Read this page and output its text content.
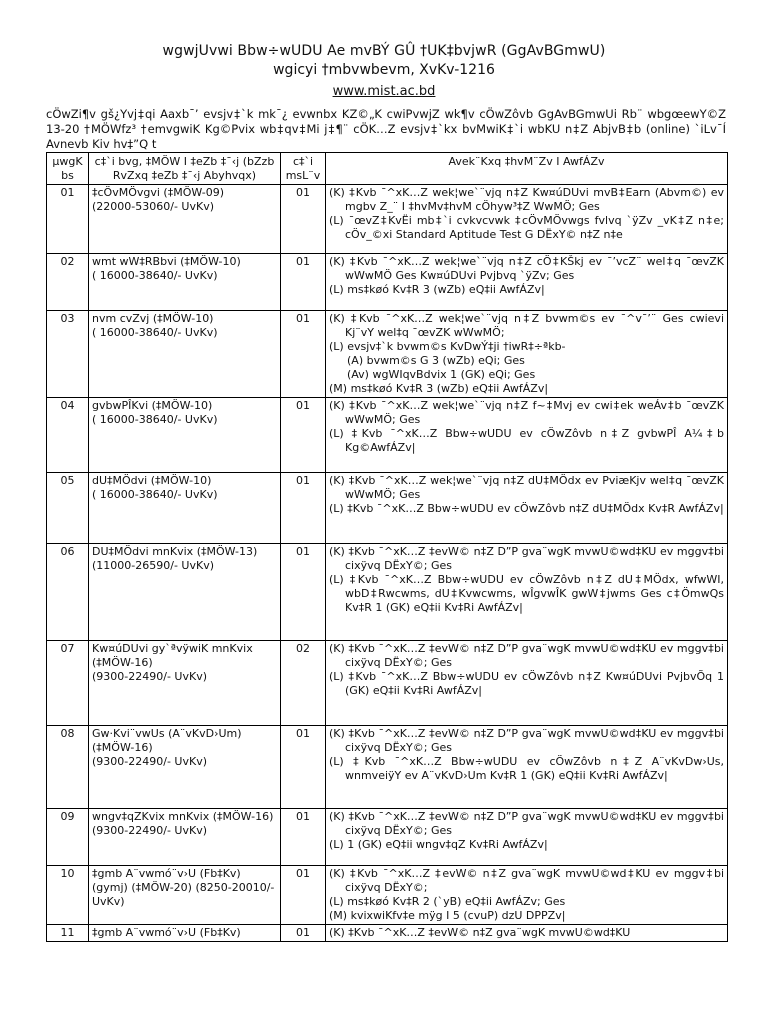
wgwjUvwi Bbw÷wUDU Ae mvBÝ GÛ †UK‡bvjwR (GgAvBGmwU)
wgicyi †mbvwbevm, XvKv-1216
www.mist.ac.bd
cÖwZi¶v gš¿Yvj‡qi Aaxb¯’ evsjv‡`k mk¯¿ evwnbx KZ©„K cwiPvwjZ wk¶v cÖwZôvb GgAvBGmwUi Rb¨ wbgœewY©Z 13-20 †MÖWfz³ †emvgwiK Kg©Pvix wb‡qv‡Mi j‡¶¨ cÖK…Z evsjv‡`kx bvMwiK‡`i wbKU n‡Z AbjvB‡b (online) `iLv¯Í Avnevb Kiv hv‡”Q t
µwgK bs	c‡`i bvg, ‡MÖW I ‡eZb ‡¯‹j (bZzb RvZxq ‡eZb ‡¯‹j Abyhvqx)	c‡`i msL¨v	Avek¨Kxq ‡hvM¨Zv I AwfÁZv
01	‡cÖvMÖvgvi (‡MÖW-09)
(22000-53060/- UvKv)	01	(K) ‡Kvb ¯^xK…Z wek¦we`¨vjq n‡Z Kw¤úDUvi mvB‡Earn (Abvm©) ev mgbv Z_¨ I ‡hvMv‡hvM cÖhyw³‡Z WwMÖ; Ges
(L) ¯œvZ‡KvËi mb‡`i cvkvcvwk ‡cÖvMÖvwgs fvlvq `ÿZv _vK‡Z n‡e; cÖv_©xi Standard Aptitude Test G DËxY© n‡Z n‡e

02	wmt wW‡RBbvi (‡MÖW-10)
( 16000-38640/- UvKv)	01	(K) ‡Kvb ¯^xK…Z wek¦we`¨vjq n‡Z cÖ‡KŠkj ev ¯’vcZ¨ wel‡q ¯œvZK wWwMÖ Ges Kw¤úDUvi Pvjbvq `ÿZv; Ges
(L) ms‡køó Kv‡R 3 (wZb) eQ‡ii AwfÁZv|

03	nvm cvZvj (‡MÖW-10)
( 16000-38640/- UvKv)	01	(K) ‡Kvb ¯^xK…Z wek¦we`¨vjq n‡Z bvwm©s ev ¯^v¯’¨ Ges cwievi Kj¨vY wel‡q ¯œvZK wWwMÖ;
(L) evsjv‡`k bvwm©s KvDwÝ‡ji †iwR‡÷ªkb-
(A) bvwm©s G 3 (wZb) eQi; Ges
(Av) wgWIqvBdvix 1 (GK) eQi; Ges
(M) ms‡køó Kv‡R 3 (wZb) eQ‡ii AwfÁZv|

04	gvbwPÎKvi (‡MÖW-10)
( 16000-38640/- UvKv)	01	(K) ‡Kvb ¯^xK…Z wek¦we`¨vjq n‡Z f~‡Mvj ev cwi‡ek weÁv‡b ¯œvZK wWwMÖ; Ges
(L) ‡Kvb ¯^xK…Z Bbw÷wUDU ev cÖwZôvb n‡Z gvbwPÎ A¼‡b Kg©AwfÁZv|

05	dU‡MÖdvi (‡MÖW-10)
( 16000-38640/- UvKv)	01	(K) ‡Kvb ¯^xK…Z wek¦we`¨vjq n‡Z dU‡MÖdx ev PviæKjv wel‡q ¯œvZK wWwMÖ; Ges
(L) ‡Kvb ¯^xK…Z Bbw÷wUDU ev cÖwZôvb n‡Z dU‡MÖdx Kv‡R AwfÁZv|

06	DU‡MÖdvi mnKvix (‡MÖW-13)
(11000-26590/- UvKv)	01	(K) ‡Kvb ¯^xK…Z ‡evW© n‡Z D”P gva¨wgK mvwU©wd‡KU ev mggv‡bi cixÿvq DËxY©; Ges
(L) ‡Kvb ¯^xK…Z Bbw÷wUDU ev cÖwZôvb n‡Z dU‡MÖdx, wfwWI, wbD‡Rwcwms, dU‡Kvwcwms, wÎgvwÎK gwW‡jwms Ges c‡ÖmwQs Kv‡R 1 (GK) eQ‡ii Kv‡Ri AwfÁZv|

07	Kw¤úDUvi gy`ªvÿwiK mnKvix (‡MÖW-16)
(9300-22490/- UvKv)	02	(K) ‡Kvb ¯^xK…Z ‡evW© n‡Z D”P gva¨wgK mvwU©wd‡KU ev mggv‡bi cixÿvq DËxY©; Ges
(L) ‡Kvb ¯^xK…Z Bbw÷wUDU ev cÖwZôvb n‡Z Kw¤úDUvi PvjbvÕq 1 (GK) eQ‡ii Kv‡Ri AwfÁZv|

08	Gw·Kvi¨vwUs (A¨vKvD›Um) (‡MÖW-16)
(9300-22490/- UvKv)	01	(K) ‡Kvb ¯^xK…Z ‡evW© n‡Z D”P gva¨wgK mvwU©wd‡KU ev mggv‡bi cixÿvq DËxY©; Ges
(L) ‡Kvb ¯^xK…Z Bbw÷wUDU ev cÖwZôvb n‡Z A¨vKvDw›Us, wnmveiÿY ev A¨vKvD›Um Kv‡R 1 (GK) eQ‡ii Kv‡Ri AwfÁZv|

09	wngv‡qZKvix mnKvix (‡MÖW-16)
(9300-22490/- UvKv)	01	(K) ‡Kvb ¯^xK…Z ‡evW© n‡Z D”P gva¨wgK mvwU©wd‡KU ev mggv‡bi cixÿvq DËxY©; Ges
(L) 1 (GK) eQ‡ii wngv‡qZ Kv‡Ri AwfÁZv|

10	‡gmb A¨vwmó¨v›U (Fb‡Kv)
(gymj) (‡MÖW-20) (8250-20010/- UvKv)	01	(K) ‡Kvb ¯^xK…Z ‡evW© n‡Z gva¨wgK mvwU©wd‡KU ev mggv‡bi cixÿvq DËxY©;
(L) ms‡køó Kv‡R 2 (`yB) eQ‡ii AwfÁZv; Ges
(M) kvixwiKfv‡e mÿg I 5 (cvuP) dzU DPPZv|

11	‡gmb A¨vwmó¨v›U (Fb‡Kv)	01	(K) ‡Kvb ¯^xK…Z ‡evW© n‡Z gva¨wgK mvwU©wd‡KU
